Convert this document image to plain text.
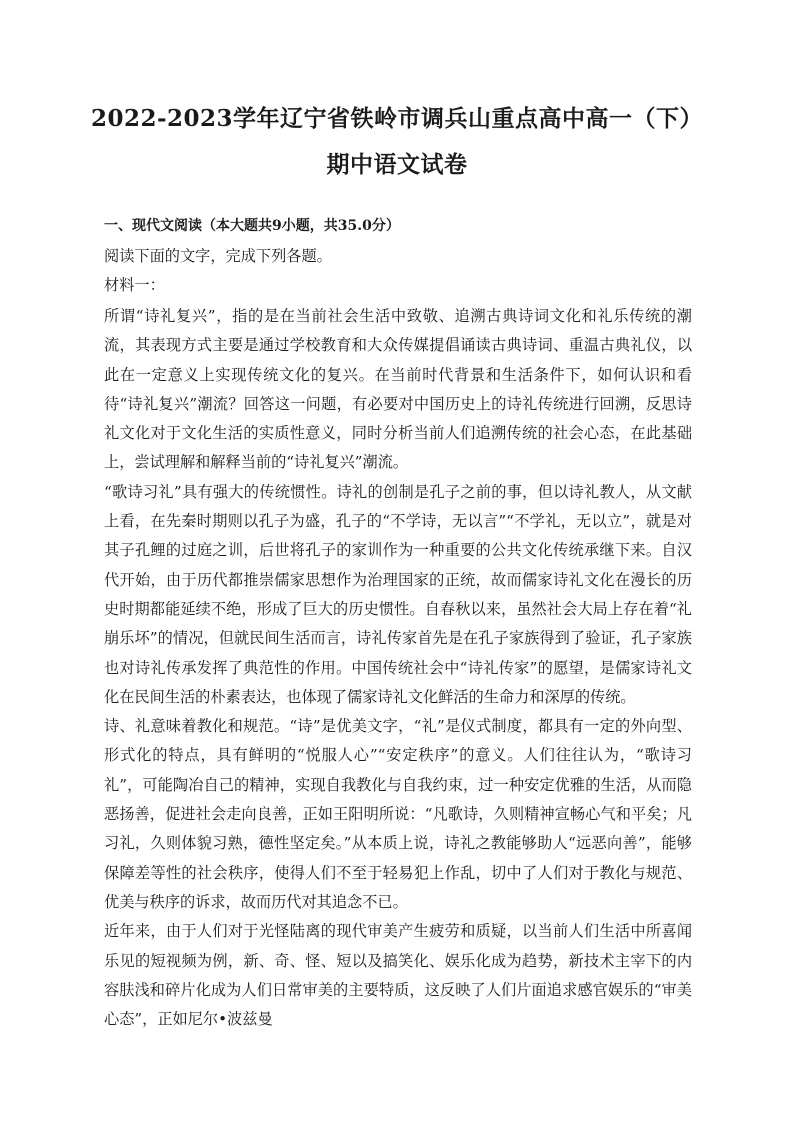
2022-2023学年辽宁省铁岭市调兵山重点高中高一（下）期中语文试卷
一、现代文阅读（本大题共9小题，共35.0分）
阅读下面的文字，完成下列各题。
材料一：

所谓“诗礼复兴”，指的是在当前社会生活中致敬、追溯古典诗词文化和礼乐传统的潮流，其表现方式主要是通过学校教育和大众传媒提倡诵读古典诗词、重温古典礼仪，以此在一定意义上实现传统文化的复兴。在当前时代背景和生活条件下，如何认识和看待“诗礼复兴”潮流？回答这一问题，有必要对中国历史上的诗礼传统进行回溯，反思诗礼文化对于文化生活的实质性意义，同时分析当前人们追溯传统的社会心态，在此基础上，尝试理解和解释当前的“诗礼复兴”潮流。

“歌诗习礼”具有强大的传统惯性。诗礼的创制是孔子之前的事，但以诗礼教人，从文献上看，在先秦时期则以孔子为盛，孔子的“不学诗，无以言”“不学礼，无以立”，就是对其子孔鲤的过庭之训，后世将孔子的家训作为一种重要的公共文化传统承继下来。自汉代开始，由于历代都推崇儒家思想作为治理国家的正统，故而儒家诗礼文化在漫长的历史时期都能延续不绝，形成了巨大的历史惯性。自春秋以来，虽然社会大局上存在着“礼崩乐坏”的情况，但就民间生活而言，诗礼传家首先是在孔子家族得到了验证，孔子家族也对诗礼传承发挥了典范性的作用。中国传统社会中“诗礼传家”的愿望，是儒家诗礼文化在民间生活的朴素表达，也体现了儒家诗礼文化鲜活的生命力和深厚的传统。

诗、礼意味着教化和规范。“诗”是优美文字，“礼”是仪式制度，都具有一定的外向型、形式化的特点，具有鲜明的“悦服人心”“安定秩序”的意义。人们往往认为，“歌诗习礼”，可能陶冶自己的精神，实现自我教化与自我约束，过一种安定优雅的生活，从而隐恶扬善，促进社会走向良善，正如王阳明所说：“凡歌诗，久则精神宣畅心气和平矣；凡习礼，久则体貌习熟，德性坚定矣。”从本质上说，诗礼之教能够助人“远恶向善”，能够保障差等性的社会秩序，使得人们不至于轻易犯上作乱，切中了人们对于教化与规范、优美与秩序的诉求，故而历代对其追念不已。

近年来，由于人们对于光怪陆离的现代审美产生疲劳和质疑，以当前人们生活中所喜闻乐见的短视频为例，新、奇、怪、短以及搞笑化、娱乐化成为趋势，新技术主宰下的内容肤浅和碎片化成为人们日常审美的主要特质，这反映了人们片面追求感官娱乐的“审美心态”，正如尼尔•波兹曼
